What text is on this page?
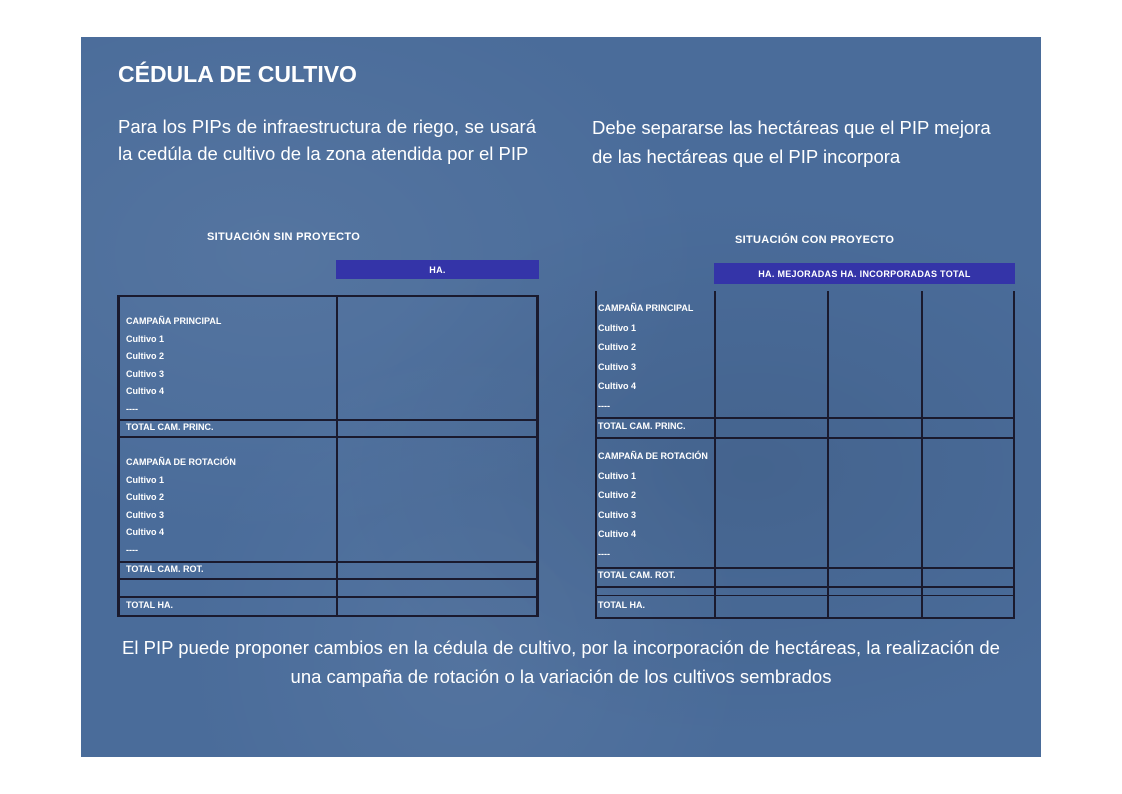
CÉDULA DE CULTIVO
Para los PIPs de infraestructura de riego, se usará la cedúla de cultivo de la zona atendida por el PIP
Debe separarse las hectáreas que el PIP mejora de las hectáreas que el PIP incorpora
SITUACIÓN SIN PROYECTO
HA.
CAMPAÑA PRINCIPAL
Cultivo 1
Cultivo 2
Cultivo 3
Cultivo 4
----
TOTAL CAM. PRINC.
CAMPAÑA DE ROTACIÓN
Cultivo 1
Cultivo 2
Cultivo 3
Cultivo 4
----
TOTAL CAM. ROT.
TOTAL HA.
SITUACIÓN CON PROYECTO
HA. MEJORADAS HA. INCORPORADAS TOTAL
CAMPAÑA PRINCIPAL
Cultivo 1
Cultivo 2
Cultivo 3
Cultivo 4
----
TOTAL CAM. PRINC.
CAMPAÑA DE ROTACIÓN
Cultivo 1
Cultivo 2
Cultivo 3
Cultivo 4
----
TOTAL CAM. ROT.
TOTAL HA.
El PIP puede proponer cambios en la cédula de cultivo, por la incorporación de hectáreas, la realización de una campaña de rotación o la variación de los cultivos sembrados
